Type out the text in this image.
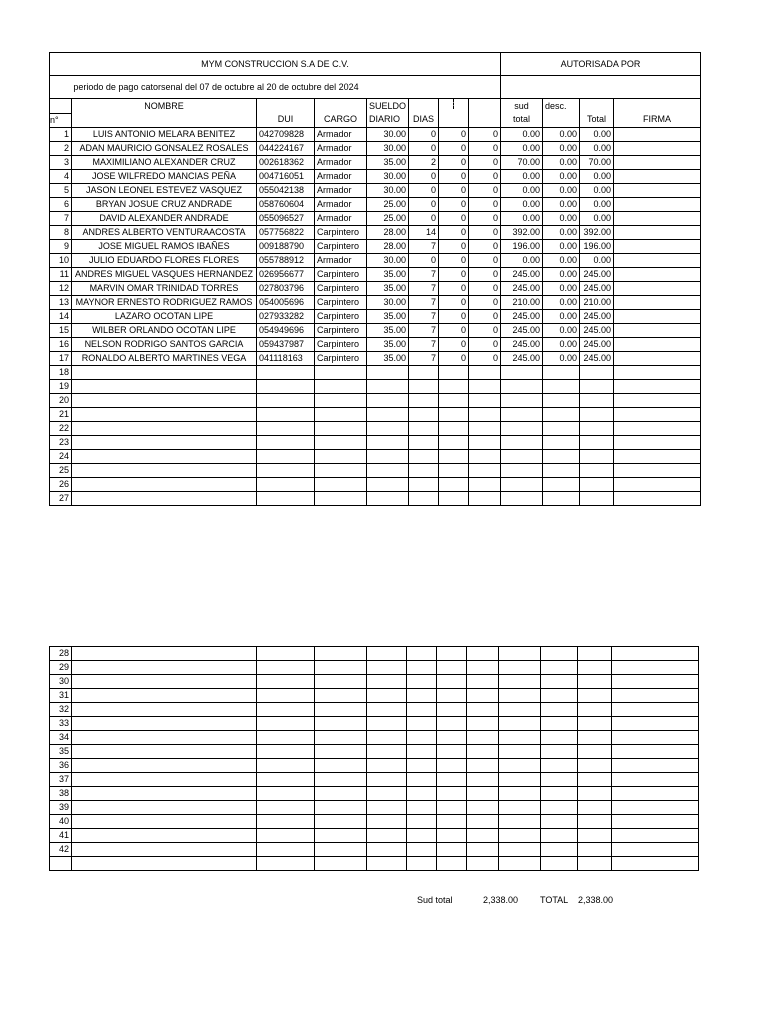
MYM CONSTRUCCION S.A DE C.V.								AUTORISADA POR			
periodo de pago catorsenal del 07 de octubre al 20 de octubre del 2024											
	NOMBRE			SUELDO				sud	desc.		
n°		DUI	CARGO	DIARIO	DIAS			total		Total	FIRMA
1	LUIS ANTONIO MELARA BENITEZ	042709828	Armador	30.00	0	0	0	0.00	0.00	0.00	
2	ADAN MAURICIO GONSALEZ ROSALES	044224167	Armador	30.00	0	0	0	0.00	0.00	0.00	
3	MAXIMILIANO ALEXANDER CRUZ	002618362	Armador	35.00	2	0	0	70.00	0.00	70.00	
4	JOSE WILFREDO MANCIAS PEÑA	004716051	Armador	30.00	0	0	0	0.00	0.00	0.00	
5	JASON LEONEL ESTEVEZ VASQUEZ	055042138	Armador	30.00	0	0	0	0.00	0.00	0.00	
6	BRYAN JOSUE CRUZ ANDRADE	058760604	Armador	25.00	0	0	0	0.00	0.00	0.00	
7	DAVID ALEXANDER ANDRADE	055096527	Armador	25.00	0	0	0	0.00	0.00	0.00	
8	ANDRES ALBERTO VENTURAACOSTA	057756822	Carpintero	28.00	14	0	0	392.00	0.00	392.00	
9	JOSE MIGUEL RAMOS IBAÑES	009188790	Carpintero	28.00	7	0	0	196.00	0.00	196.00	
10	JULIO EDUARDO FLORES FLORES	055788912	Armador	30.00	0	0	0	0.00	0.00	0.00	
11	ANDRES MIGUEL VASQUES HERNANDEZ	026956677	Carpintero	35.00	7	0	0	245.00	0.00	245.00	
12	MARVIN OMAR TRINIDAD TORRES	027803796	Carpintero	35.00	7	0	0	245.00	0.00	245.00	
13	MAYNOR ERNESTO RODRIGUEZ RAMOS	054005696	Carpintero	30.00	7	0	0	210.00	0.00	210.00	
14	LAZARO OCOTAN LIPE	027933282	Carpintero	35.00	7	0	0	245.00	0.00	245.00	
15	WILBER ORLANDO OCOTAN LIPE	054949696	Carpintero	35.00	7	0	0	245.00	0.00	245.00	
16	NELSON RODRIGO SANTOS GARCIA	059437987	Carpintero	35.00	7	0	0	245.00	0.00	245.00	
17	RONALDO ALBERTO MARTINES VEGA	041118163	Carpintero	35.00	7	0	0	245.00	0.00	245.00	
18											
19											
20											
21											
22											
23											
24											
25											
26											
27											
28											
29											
30											
31											
32											
33											
34											
35											
36											
37											
38											
39											
40											
41											
42											

Sud total	2,338.00 TOTAL 2,338.00
